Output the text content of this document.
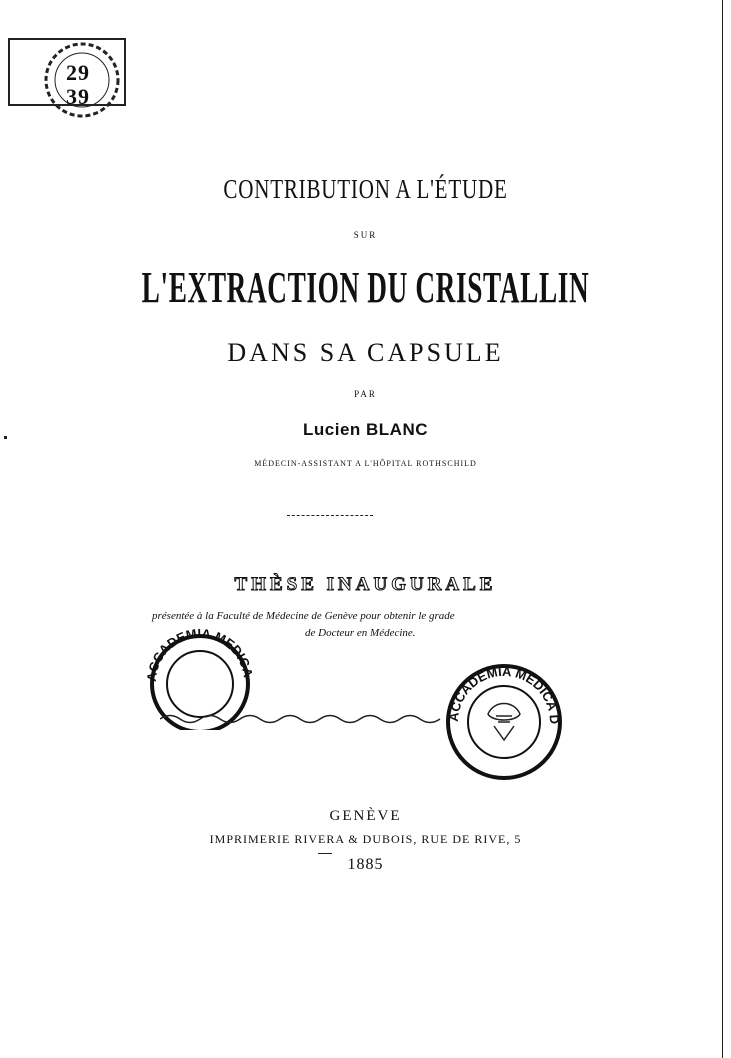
29
39
CONTRIBUTION A L'ÉTUDE
SUR
L'EXTRACTION DU CRISTALLIN
DANS SA CAPSULE
PAR
Lucien BLANC
MÉDECIN-ASSISTANT A L'HÔPITAL ROTHSCHILD
THÈSE INAUGURALE
présentée à la Faculté de Médecine de Genève pour obtenir le grade
de Docteur en Médecine.
ACCADEMIA MEDICA
ACCADEMIA MEDICA D
GENÈVE
IMPRIMERIE RIVERA & DUBOIS, RUE DE RIVE, 5
1885
